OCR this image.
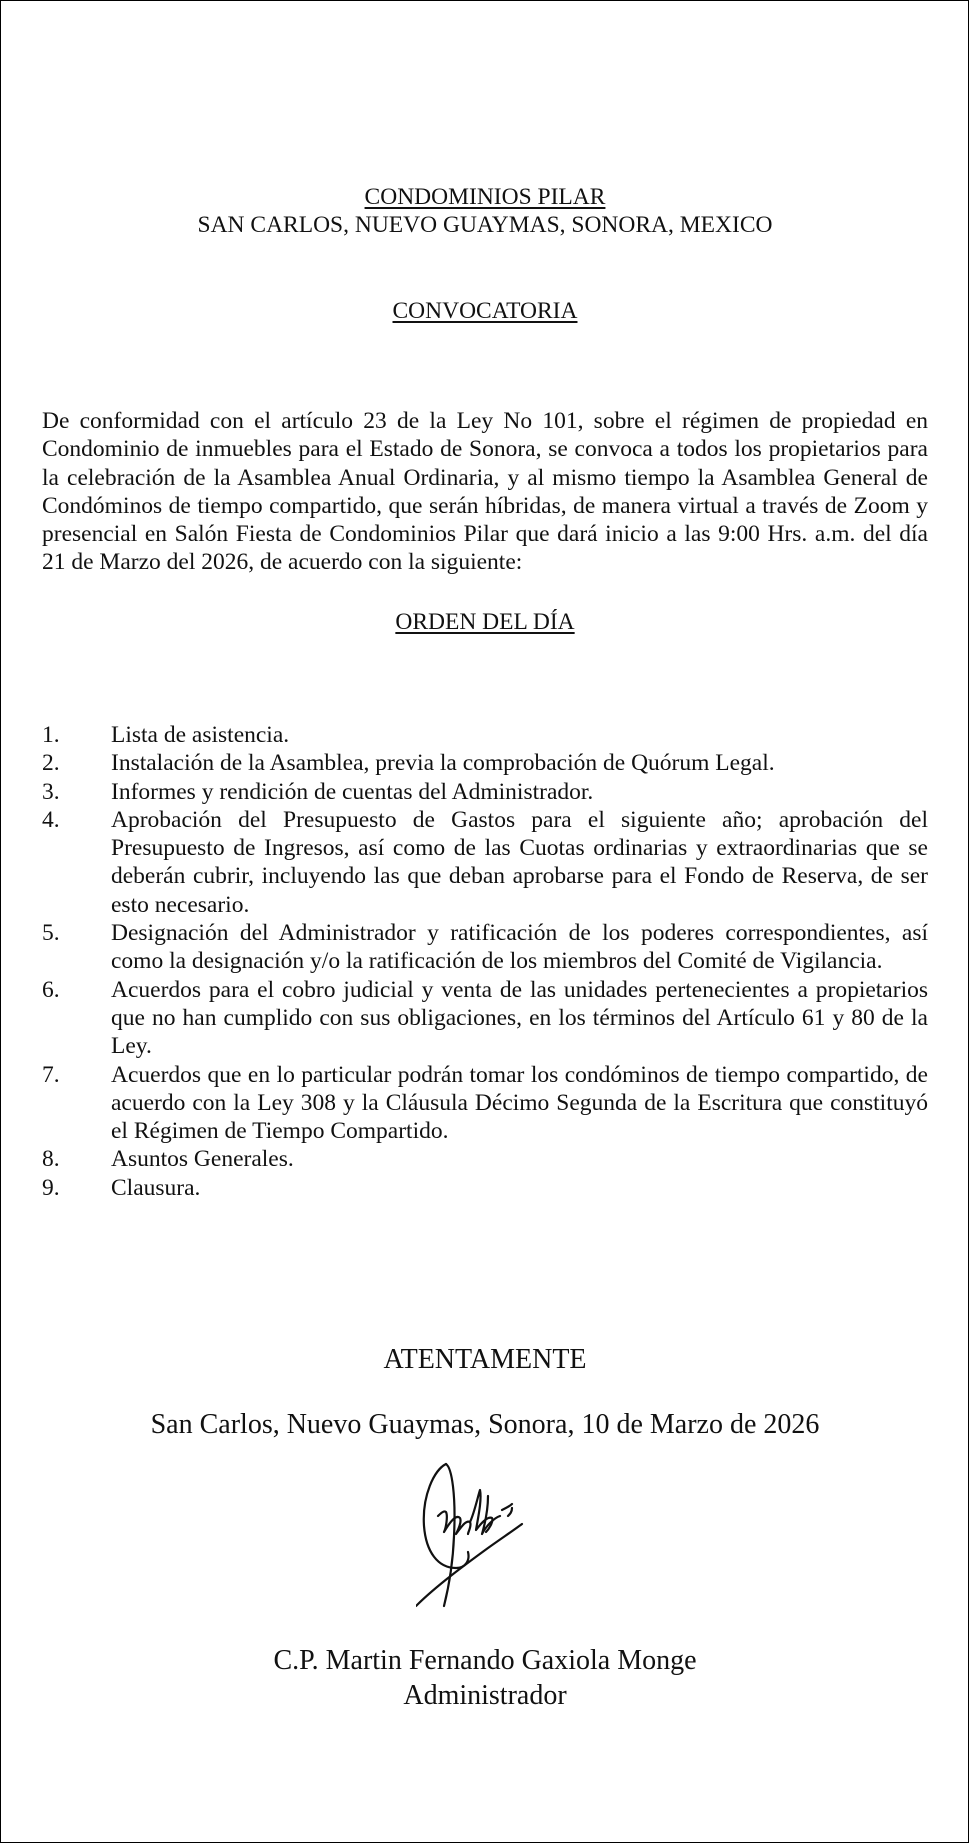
CONDOMINIOS PILAR
SAN CARLOS, NUEVO GUAYMAS, SONORA, MEXICO
CONVOCATORIA

De conformidad con el artículo 23 de la Ley No 101, sobre el régimen de propiedad en Condominio de inmuebles para el Estado de Sonora, se convoca a todos los propietarios para la celebración de la Asamblea Anual Ordinaria, y al mismo tiempo la Asamblea General de Condóminos de tiempo compartido, que serán híbridas, de manera virtual a través de Zoom y presencial en Salón Fiesta de Condominios Pilar que dará inicio a las 9:00 Hrs. a.m. del día 21 de Marzo del 2026, de acuerdo con la siguiente:

ORDEN DEL DÍA
1.	Lista de asistencia.
2.	Instalación de la Asamblea, previa la comprobación de Quórum Legal.
3.	Informes y rendición de cuentas del Administrador.
4.	Aprobación del Presupuesto de Gastos para el siguiente año; aprobación del Presupuesto de Ingresos, así como de las Cuotas ordinarias y extraordinarias que se deberán cubrir, incluyendo las que deban aprobarse para el Fondo de Reserva, de ser esto necesario.
5.	Designación del Administrador y ratificación de los poderes correspondientes, así como la designación y/o la ratificación de los miembros del Comité de Vigilancia.
6.	Acuerdos para el cobro judicial y venta de las unidades pertenecientes a propietarios que no han cumplido con sus obligaciones, en los términos del Artículo 61 y 80 de la Ley.
7.	Acuerdos que en lo particular podrán tomar los condóminos de tiempo compartido, de acuerdo con la Ley 308 y la Cláusula Décimo Segunda de la Escritura que constituyó el Régimen de Tiempo Compartido.
8.	Asuntos Generales.
9.	Clausura.
ATENTAMENTE
San Carlos, Nuevo Guaymas, Sonora, 10 de Marzo de 2026
C.P. Martin Fernando Gaxiola Monge
Administrador
